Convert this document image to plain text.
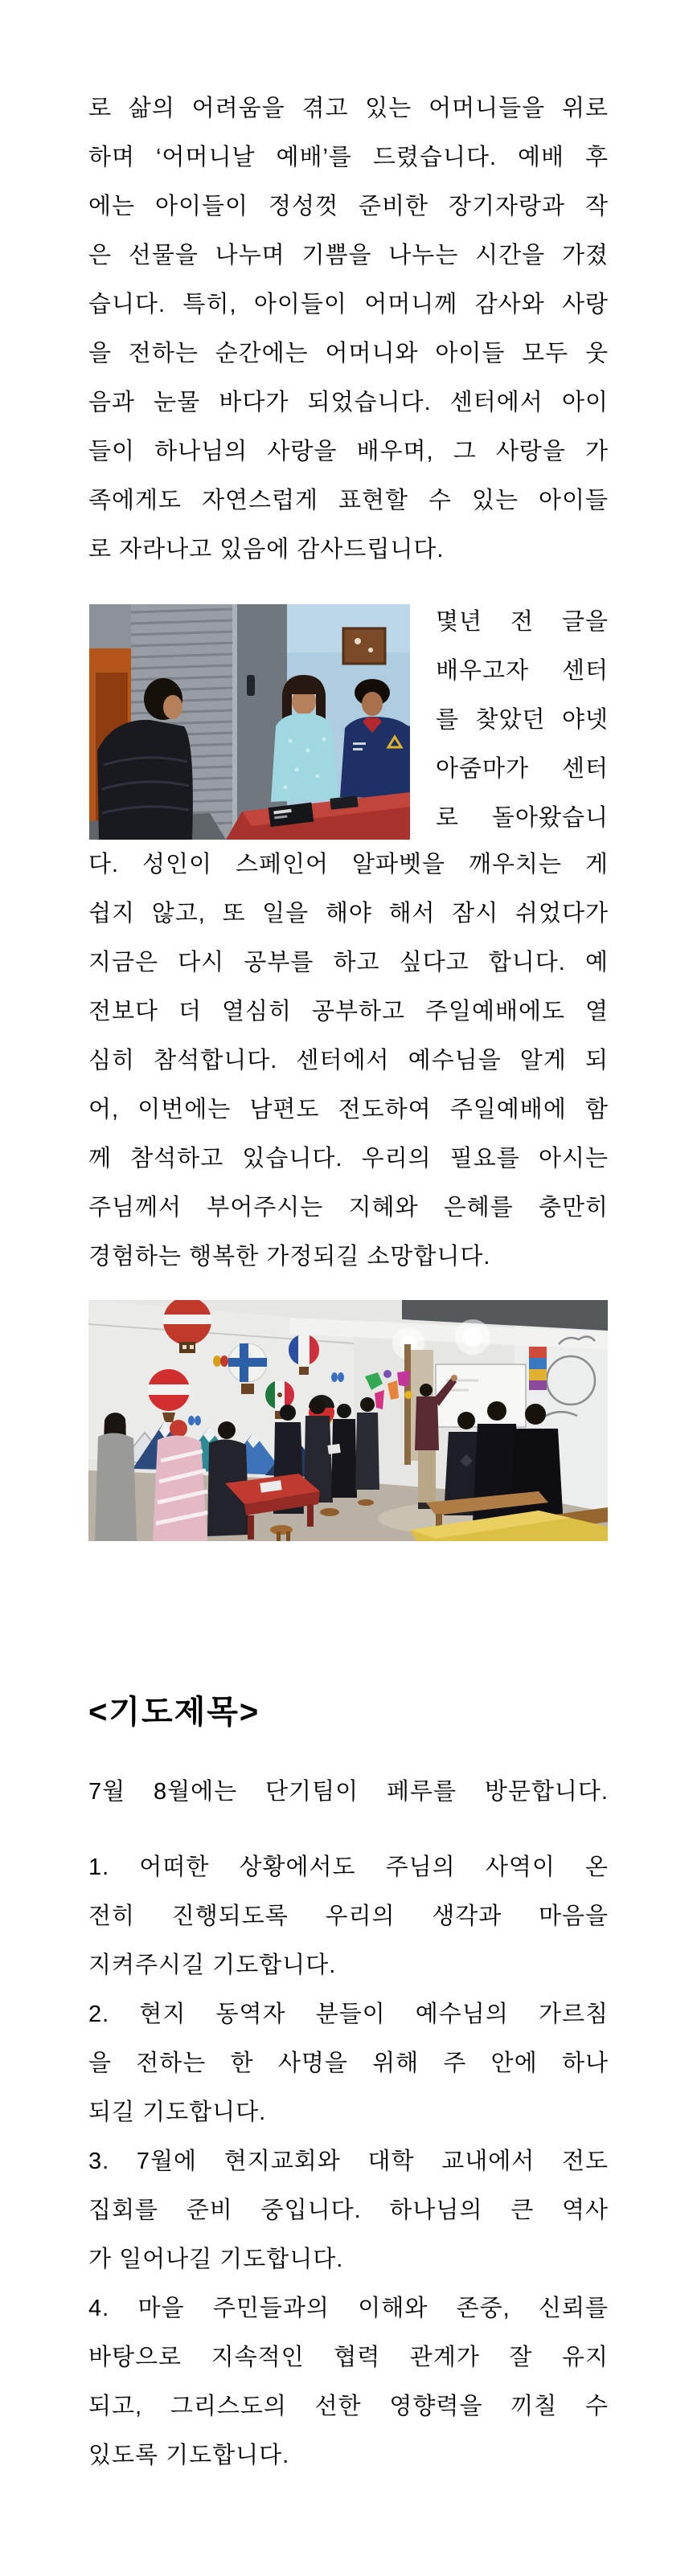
로 삶의 어려움을 겪고 있는 어머니들을 위로
하며 ‘어머니날 예배’를 드렸습니다. 예배 후
에는 아이들이 정성껏 준비한 장기자랑과 작
은 선물을 나누며 기쁨을 나누는 시간을 가졌
습니다. 특히, 아이들이 어머니께 감사와 사랑
을 전하는 순간에는 어머니와 아이들 모두 웃
음과 눈물 바다가 되었습니다. 센터에서 아이
들이 하나님의 사랑을 배우며, 그 사랑을 가
족에게도 자연스럽게 표현할 수 있는 아이들
로 자라나고 있음에 감사드립니다.
몇년 전 글을
배우고자 센터
를 찾았던 야넷
아줌마가 센터
로 돌아왔습니
다. 성인이 스페인어 알파벳을 깨우치는 게
쉽지 않고, 또 일을 해야 해서 잠시 쉬었다가
지금은 다시 공부를 하고 싶다고 합니다. 예
전보다 더 열심히 공부하고 주일예배에도 열
심히 참석합니다. 센터에서 예수님을 알게 되
어, 이번에는 남편도 전도하여 주일예배에 함
께 참석하고 있습니다. 우리의 필요를 아시는
주님께서 부어주시는 지혜와 은혜를 충만히
경험하는 행복한 가정되길 소망합니다.
<기도제목>
7월 8월에는 단기팀이 페루를 방문합니다.
1. 어떠한 상황에서도 주님의 사역이 온
전히 진행되도록 우리의 생각과 마음을
지켜주시길 기도합니다.
2. 현지 동역자 분들이 예수님의 가르침
을 전하는 한 사명을 위해 주 안에 하나
되길 기도합니다.
3. 7월에 현지교회와 대학 교내에서 전도
집회를 준비 중입니다. 하나님의 큰 역사
가 일어나길 기도합니다.
4. 마을 주민들과의 이해와 존중, 신뢰를
바탕으로 지속적인 협력 관계가 잘 유지
되고, 그리스도의 선한 영향력을 끼칠 수
있도록 기도합니다.
